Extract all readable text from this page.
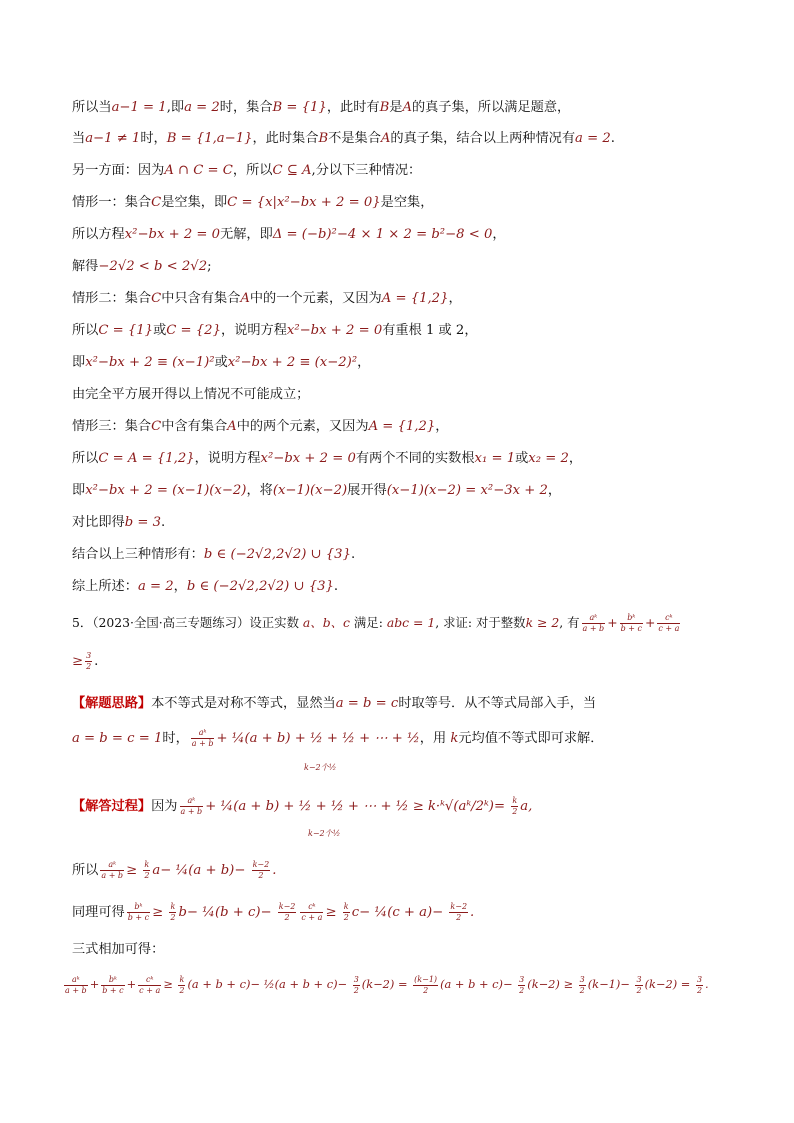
所以当a−1 = 1,即a = 2时，集合B = {1}，此时有B是A的真子集，所以满足题意，
当a−1 ≠ 1时，B = {1,a−1}，此时集合B不是集合A的真子集，结合以上两种情况有a = 2.
另一方面：因为A ∩ C = C，所以C ⊆ A,分以下三种情况：
情形一：集合C是空集，即C = {x|x²−bx + 2 = 0}是空集，
所以方程x²−bx + 2 = 0无解，即Δ = (−b)²−4 × 1 × 2 = b²−8 < 0，
解得−2√2 < b < 2√2;
情形二：集合C中只含有集合A中的一个元素，又因为A = {1,2}，
所以C = {1}或C = {2}，说明方程x²−bx + 2 = 0有重根 1 或 2，
即x²−bx + 2 ≡ (x−1)²或x²−bx + 2 ≡ (x−2)²，
由完全平方展开得以上情况不可能成立；
情形三：集合C中含有集合A中的两个元素，又因为A = {1,2}，
所以C = A = {1,2}，说明方程x²−bx + 2 = 0有两个不同的实数根x₁ = 1或x₂ = 2，
即x²−bx + 2 = (x−1)(x−2)，将(x−1)(x−2)展开得(x−1)(x−2) = x²−3x + 2，
对比即得b = 3.
结合以上三种情形有：b ∈ (−2√2,2√2) ∪ {3}.
综上所述：a = 2，b ∈ (−2√2,2√2) ∪ {3}.
5．（2023·全国·高三专题练习）设正实数 a、b、c 满足: abc = 1, 求证: 对于整数k ≥ 2, 有 $\frac{\text{aᵏ}}{a + b} + \frac{\text{bᵏ}}{b + c} + \frac{\text{cᵏ}}{c + a}$
≥ $\frac{3}{2}$ .
【解题思路】本不等式是对称不等式，显然当a = b = c时取等号．从不等式局部入手，当
a = b = c = 1时， $\frac{\text{aᵏ}}{a + b}$ + ¼(a + b) + ½ + ½ + ⋯ + ½，用 k元均值不等式即可求解．
k−2个½
【解答过程】因为 $\frac{\text{aᵏ}}{a + b}$ + ¼(a + b) + ½ + ½ + ⋯ + ½ ≥ k·ᵏ√(aᵏ/2ᵏ)= $\frac{k}{2} a$,
k−2个½
所以 $\frac{\text{aᵏ}}{a + b} \ge \frac{k}{2} a-$ ¼(a + $b)- \frac{k-2}{2}$ .
同理可得 $\frac{\text{bᵏ}}{b + c} \ge \frac{k}{2} b-$ ¼(b + $c)- \frac{k-2}{2} \frac{\text{cᵏ}}{c + a} \ge \frac{k}{2} c-$ ¼(c + $a)- \frac{k-2}{2}$ .
三式相加可得：
$\frac{\text{aᵏ}}{a + b} + \frac{\text{bᵏ}}{b + c} + \frac{\text{cᵏ}}{c + a} \ge \frac{k}{2} (a + b + c)-$ ½(a + $b + c)- \frac{3}{2} (k-2) = \frac{(k-1)}{2} (a + b + c)- \frac{3}{2} (k-2) \ge \frac{3}{2} (k-1)- \frac{3}{2} (k-2) = \frac{3}{2}$ .
